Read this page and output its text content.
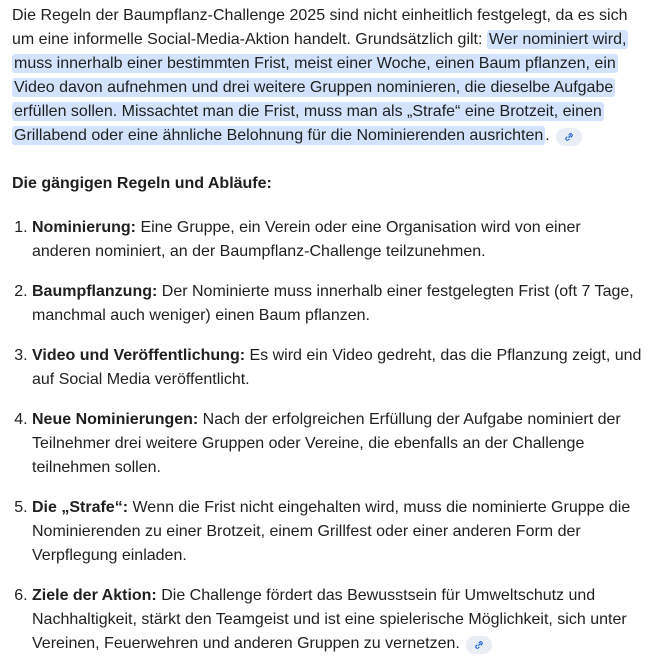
Die Regeln der Baumpflanz-Challenge 2025 sind nicht einheitlich festgelegt, da es sich um eine informelle Social-Media-Aktion handelt. Grundsätzlich gilt: Wer nominiert wird, muss innerhalb einer bestimmten Frist, meist einer Woche, einen Baum pflanzen, ein Video davon aufnehmen und drei weitere Gruppen nominieren, die dieselbe Aufgabe erfüllen sollen. Missachtet man die Frist, muss man als „Strafe“ eine Brotzeit, einen Grillabend oder eine ähnliche Belohnung für die Nominierenden ausrichten .

Die gängigen Regeln und Abläufe:
1. Nominierung: Eine Gruppe, ein Verein oder eine Organisation wird von einer anderen nominiert, an der Baumpflanz-Challenge teilzunehmen.
2. Baumpflanzung: Der Nominierte muss innerhalb einer festgelegten Frist (oft 7 Tage, manchmal auch weniger) einen Baum pflanzen.
3. Video und Veröffentlichung: Es wird ein Video gedreht, das die Pflanzung zeigt, und auf Social Media veröffentlicht.
4. Neue Nominierungen: Nach der erfolgreichen Erfüllung der Aufgabe nominiert der Teilnehmer drei weitere Gruppen oder Vereine, die ebenfalls an der Challenge teilnehmen sollen.
5. Die „Strafe“: Wenn die Frist nicht eingehalten wird, muss die nominierte Gruppe die Nominierenden zu einer Brotzeit, einem Grillfest oder einer anderen Form der Verpflegung einladen.
6. Ziele der Aktion: Die Challenge fördert das Bewusstsein für Umweltschutz und Nachhaltigkeit, stärkt den Teamgeist und ist eine spielerische Möglichkeit, sich unter Vereinen, Feuerwehren und anderen Gruppen zu vernetzen.
